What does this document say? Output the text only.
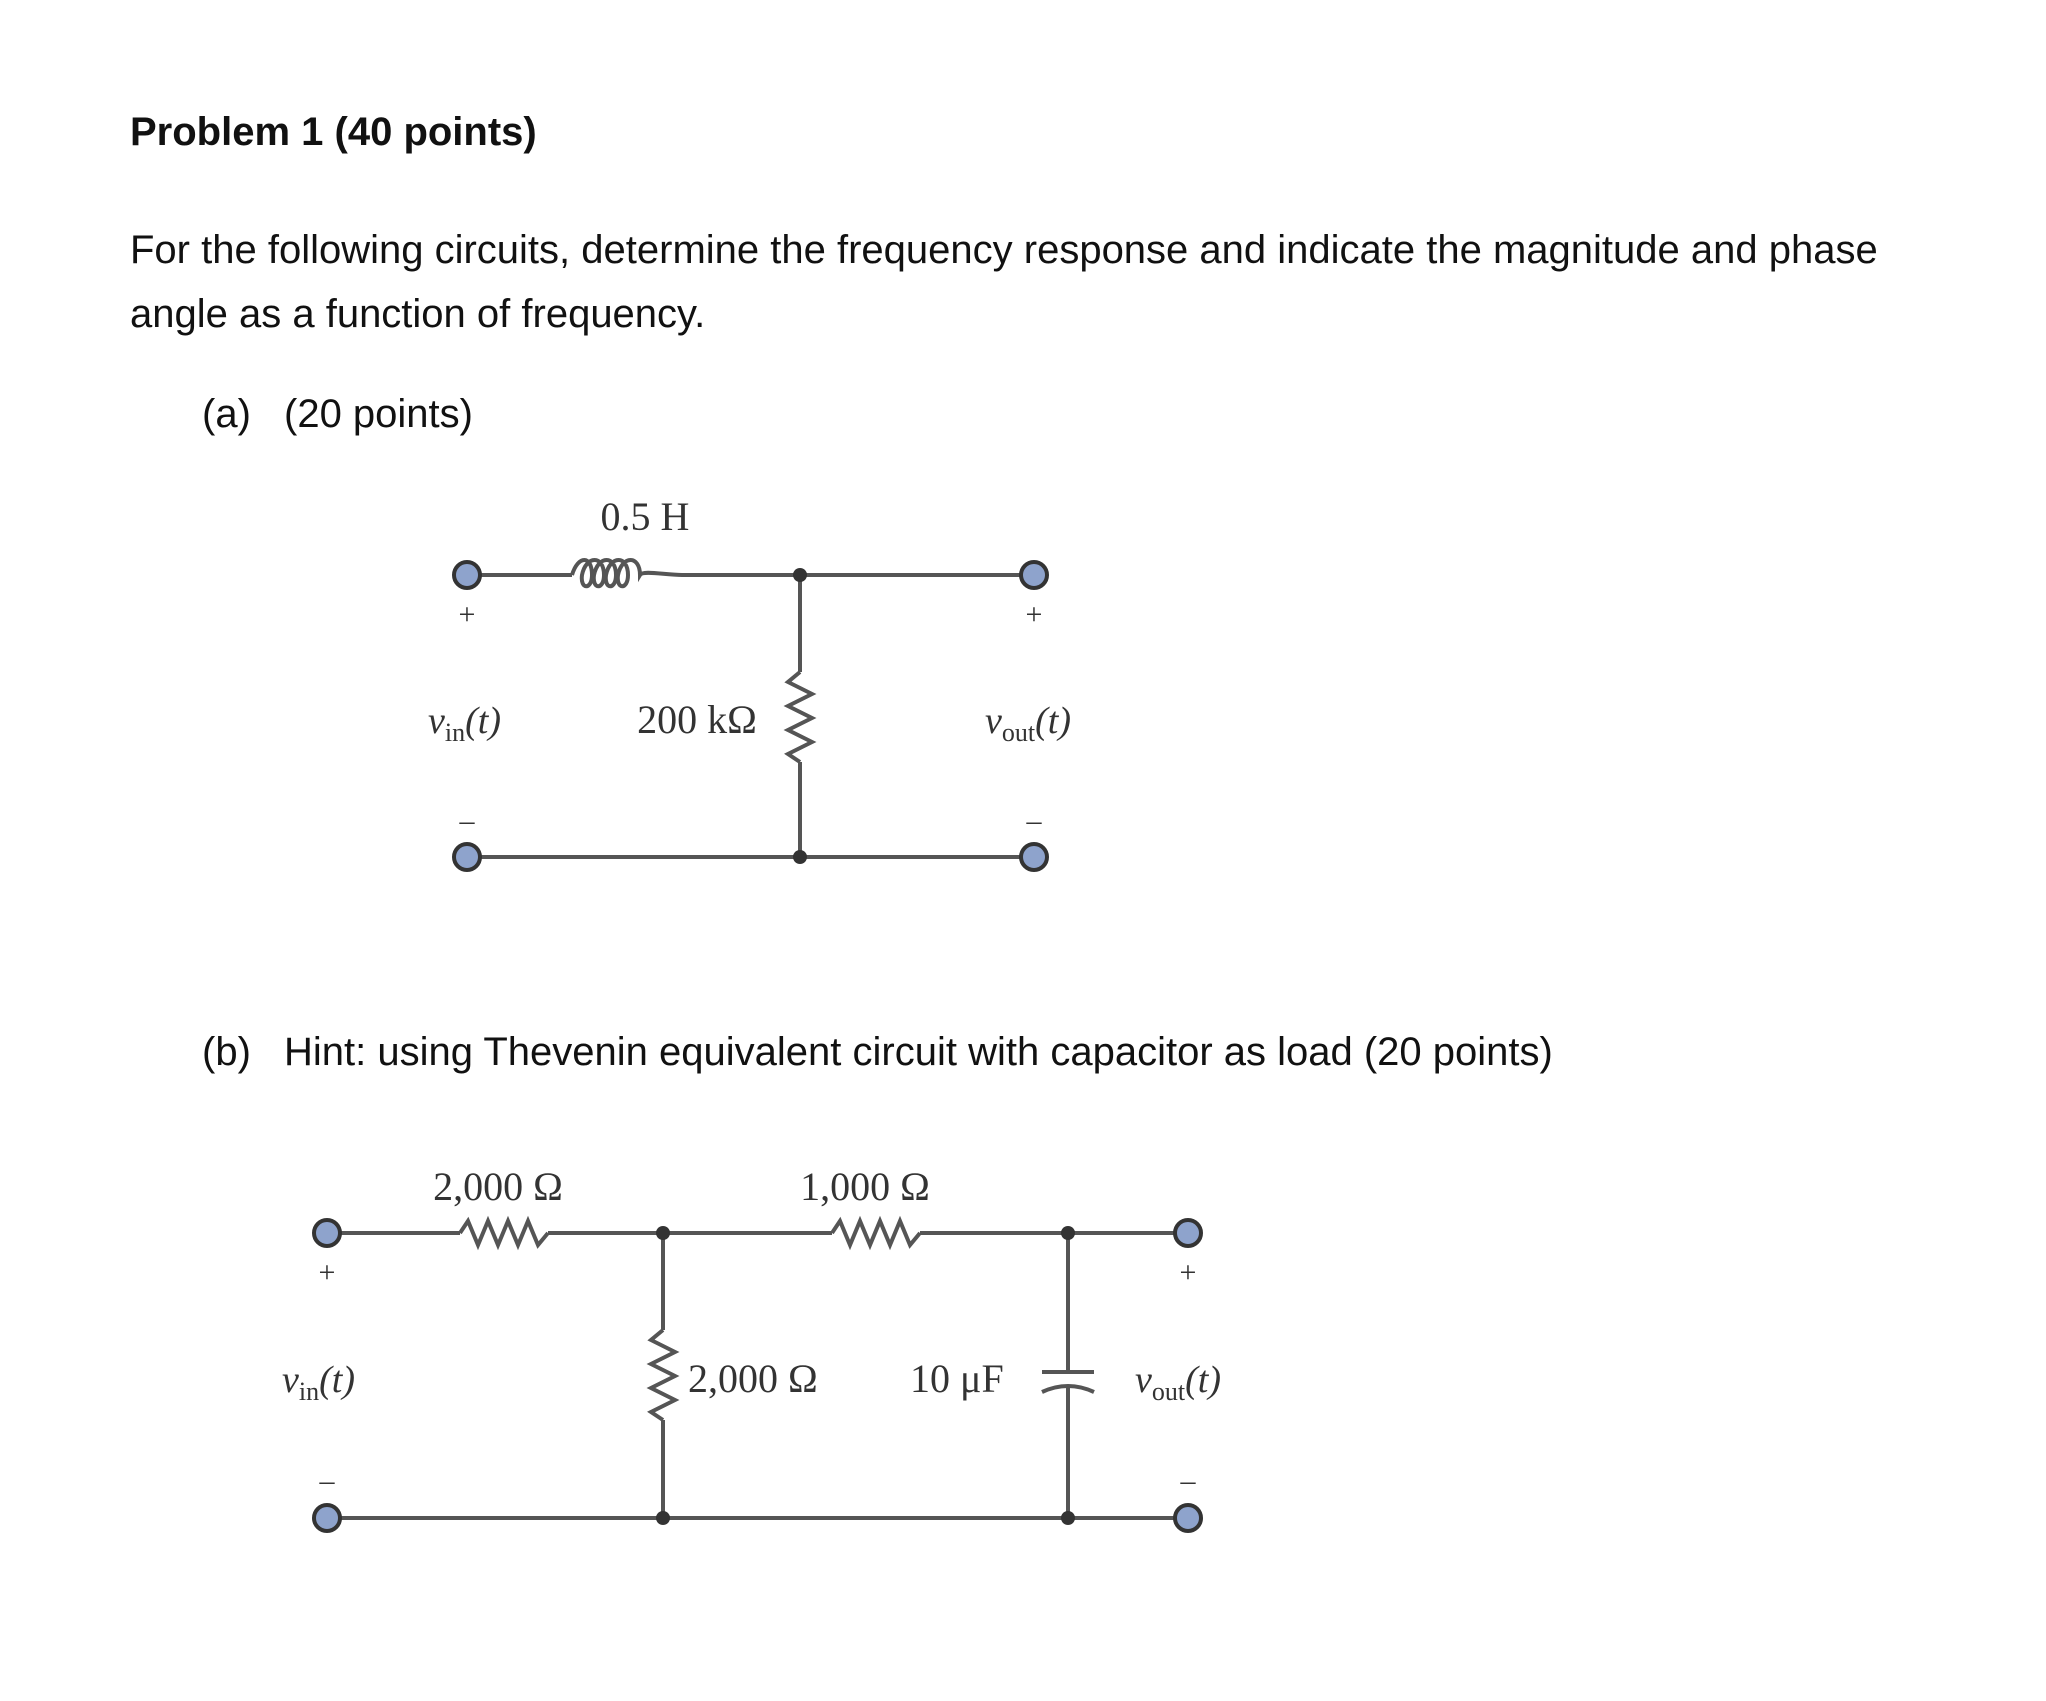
Problem 1 (40 points)
For the following circuits, determine the frequency response and indicate the magnitude and phase angle as a function of frequency.
(a) (20 points)
(b) Hint: using Thevenin equivalent circuit with capacitor as load (20 points)
0.5 H
200 kΩ
+
–
+
–
$v_{in}(t)$	$v_{out}(t)$
2,000 Ω	1,000 Ω
2,000 Ω 10 μF
+
–
+
–
$v_{in}(t)$	$v_{out}(t)$
